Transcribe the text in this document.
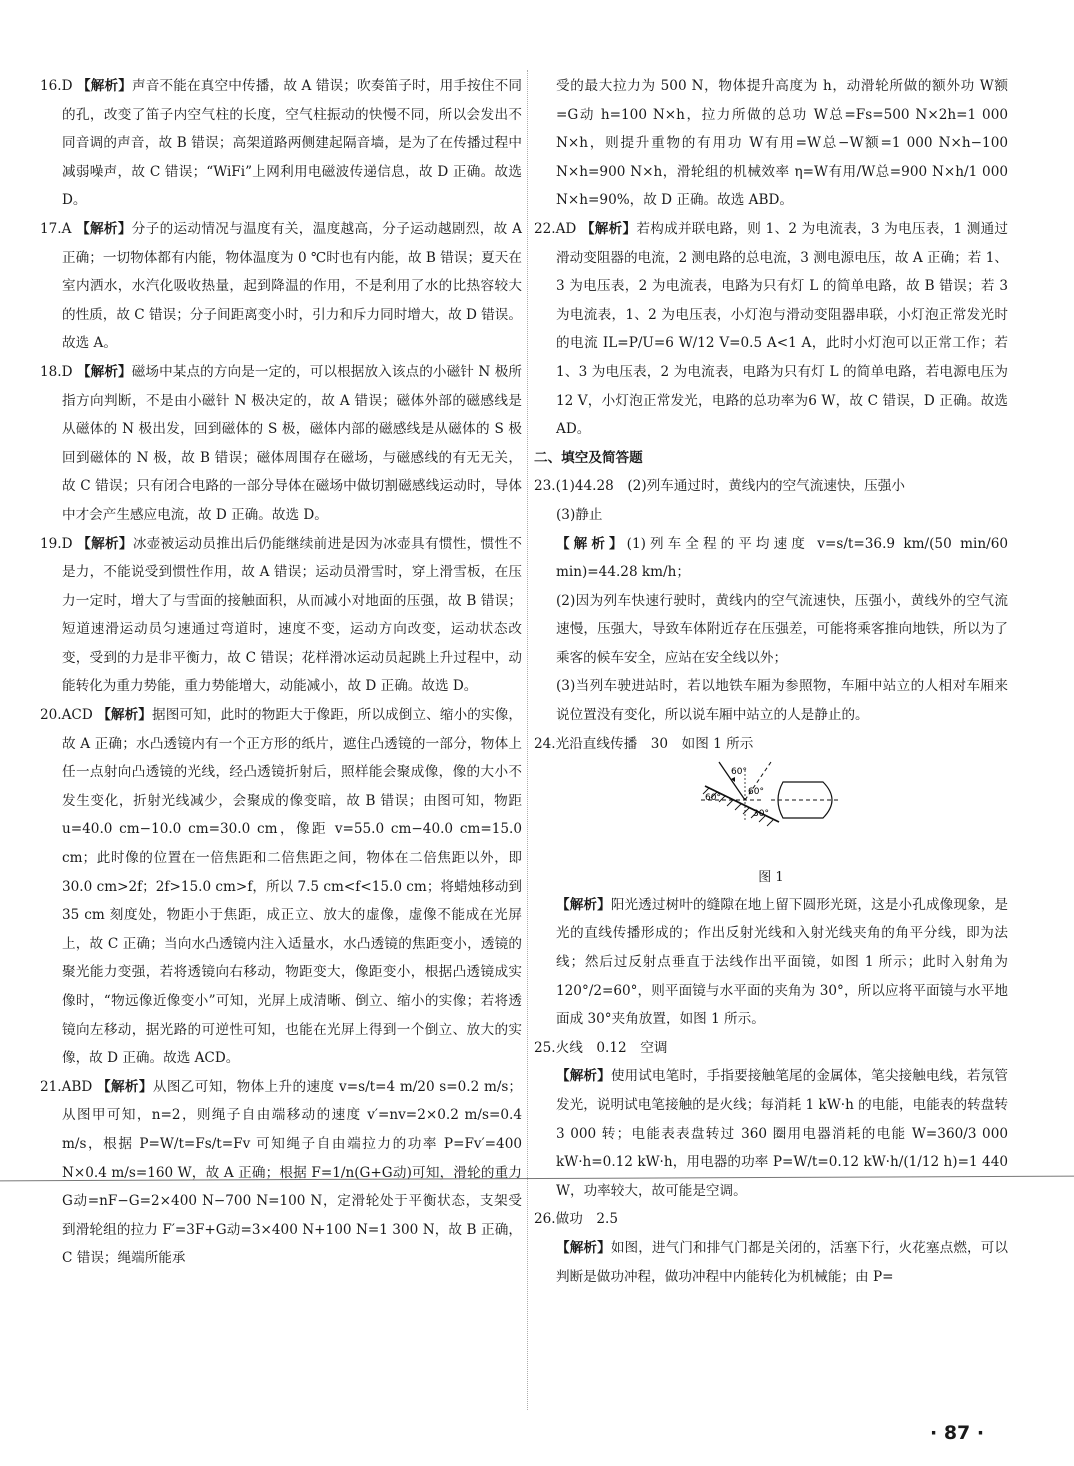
16.D 【解析】声音不能在真空中传播，故 A 错误；吹奏笛子时，用手按住不同的孔，改变了笛子内空气柱的长度，空气柱振动的快慢不同，所以会发出不同音调的声音，故 B 错误；高架道路两侧建起隔音墙，是为了在传播过程中减弱噪声，故 C 错误；“WiFi”上网利用电磁波传递信息，故 D 正确。故选 D。

17.A 【解析】分子的运动情况与温度有关，温度越高，分子运动越剧烈，故 A 正确；一切物体都有内能，物体温度为 0 ℃时也有内能，故 B 错误；夏天在室内洒水，水汽化吸收热量，起到降温的作用，不是利用了水的比热容较大的性质，故 C 错误；分子间距离变小时，引力和斥力同时增大，故 D 错误。故选 A。

18.D 【解析】磁场中某点的方向是一定的，可以根据放入该点的小磁针 N 极所指方向判断，不是由小磁针 N 极决定的，故 A 错误；磁体外部的磁感线是从磁体的 N 极出发，回到磁体的 S 极，磁体内部的磁感线是从磁体的 S 极回到磁体的 N 极，故 B 错误；磁体周围存在磁场，与磁感线的有无无关，故 C 错误；只有闭合电路的一部分导体在磁场中做切割磁感线运动时，导体中才会产生感应电流，故 D 正确。故选 D。

19.D 【解析】冰壶被运动员推出后仍能继续前进是因为冰壶具有惯性，惯性不是力，不能说受到惯性作用，故 A 错误；运动员滑雪时，穿上滑雪板，在压力一定时，增大了与雪面的接触面积，从而减小对地面的压强，故 B 错误；短道速滑运动员匀速通过弯道时，速度不变，运动方向改变，运动状态改变，受到的力是非平衡力，故 C 错误；花样滑冰运动员起跳上升过程中，动能转化为重力势能，重力势能增大，动能减小，故 D 正确。故选 D。

20.ACD 【解析】据图可知，此时的物距大于像距，所以成倒立、缩小的实像，故 A 正确；水凸透镜内有一个正方形的纸片，遮住凸透镜的一部分，物体上任一点射向凸透镜的光线，经凸透镜折射后，照样能会聚成像，像的大小不发生变化，折射光线减少，会聚成的像变暗，故 B 错误；由图可知，物距 u=40.0 cm−10.0 cm=30.0 cm，像距 v=55.0 cm−40.0 cm=15.0 cm；此时像的位置在一倍焦距和二倍焦距之间，物体在二倍焦距以外，即 30.0 cm>2f；2f>15.0 cm>f，所以 7.5 cm<f<15.0 cm；将蜡烛移动到 35 cm 刻度处，物距小于焦距，成正立、放大的虚像，虚像不能成在光屏上，故 C 正确；当向水凸透镜内注入适量水，水凸透镜的焦距变小，透镜的聚光能力变强，若将透镜向右移动，物距变大，像距变小，根据凸透镜成实像时，“物远像近像变小”可知，光屏上成清晰、倒立、缩小的实像；若将透镜向左移动，据光路的可逆性可知，也能在光屏上得到一个倒立、放大的实像，故 D 正确。故选 ACD。

21.ABD 【解析】从图乙可知，物体上升的速度 v=s/t=4 m/20 s=0.2 m/s；从图甲可知，n=2，则绳子自由端移动的速度 v′=nv=2×0.2 m/s=0.4 m/s，根据 P=W/t=Fs/t=Fv 可知绳子自由端拉力的功率 P=Fv′=400 N×0.4 m/s=160 W，故 A 正确；根据 F=1/n(G+G动)可知，滑轮的重力 G动=nF−G=2×400 N−700 N=100 N，定滑轮处于平衡状态，支架受到滑轮组的拉力 F′=3F+G动=3×400 N+100 N=1 300 N，故 B 正确，C 错误；绳端所能承

受的最大拉力为 500 N，物体提升高度为 h，动滑轮所做的额外功 W额=G动 h=100 N×h，拉力所做的总功 W总=Fs=500 N×2h=1 000 N×h，则提升重物的有用功 W有用=W总−W额=1 000 N×h−100 N×h=900 N×h，滑轮组的机械效率 η=W有用/W总=900 N×h/1 000 N×h=90%，故 D 正确。故选 ABD。

22.AD 【解析】若构成并联电路，则 1、2 为电流表，3 为电压表，1 测通过滑动变阻器的电流，2 测电路的总电流，3 测电源电压，故 A 正确；若 1、3 为电压表，2 为电流表，电路为只有灯 L 的简单电路，故 B 错误；若 3 为电流表，1、2 为电压表，小灯泡与滑动变阻器串联，小灯泡正常发光时的电流 IL=P/U=6 W/12 V=0.5 A<1 A，此时小灯泡可以正常工作；若 1、3 为电压表，2 为电流表，电路为只有灯 L 的简单电路，若电源电压为12 V，小灯泡正常发光，电路的总功率为6 W，故 C 错误，D 正确。故选 AD。

二、填空及简答题

23.(1)44.28　(2)列车通过时，黄线内的空气流速快，压强小

(3)静止

【解析】(1)列车全程的平均速度 v=s/t=36.9 km/(50 min/60 min)=44.28 km/h；

(2)因为列车快速行驶时，黄线内的空气流速快，压强小，黄线外的空气流速慢，压强大，导致车体附近存在压强差，可能将乘客推向地铁，所以为了乘客的候车安全，应站在安全线以外；

(3)当列车驶进站时，若以地铁车厢为参照物，车厢中站立的人相对车厢来说位置没有变化，所以说车厢中站立的人是静止的。

24.光沿直线传播　30　如图 1 所示

60°
60°
60°
30°
图 1

【解析】阳光透过树叶的缝隙在地上留下圆形光斑，这是小孔成像现象，是光的直线传播形成的；作出反射光线和入射光线夹角的角平分线，即为法线；然后过反射点垂直于法线作出平面镜，如图 1 所示；此时入射角为 120°/2=60°，则平面镜与水平面的夹角为 30°，所以应将平面镜与水平地面成 30°夹角放置，如图 1 所示。

25.火线　0.12　空调

【解析】使用试电笔时，手指要接触笔尾的金属体，笔尖接触电线，若氖管发光，说明试电笔接触的是火线；每消耗 1 kW·h 的电能，电能表的转盘转 3 000 转；电能表表盘转过 360 圈用电器消耗的电能 W=360/3 000 kW·h=0.12 kW·h，用电器的功率 P=W/t=0.12 kW·h/(1/12 h)=1 440 W，功率较大，故可能是空调。

26.做功　2.5

【解析】如图，进气门和排气门都是关闭的，活塞下行，火花塞点燃，可以判断是做功冲程，做功冲程中内能转化为机械能；由 P=

· 87 ·
